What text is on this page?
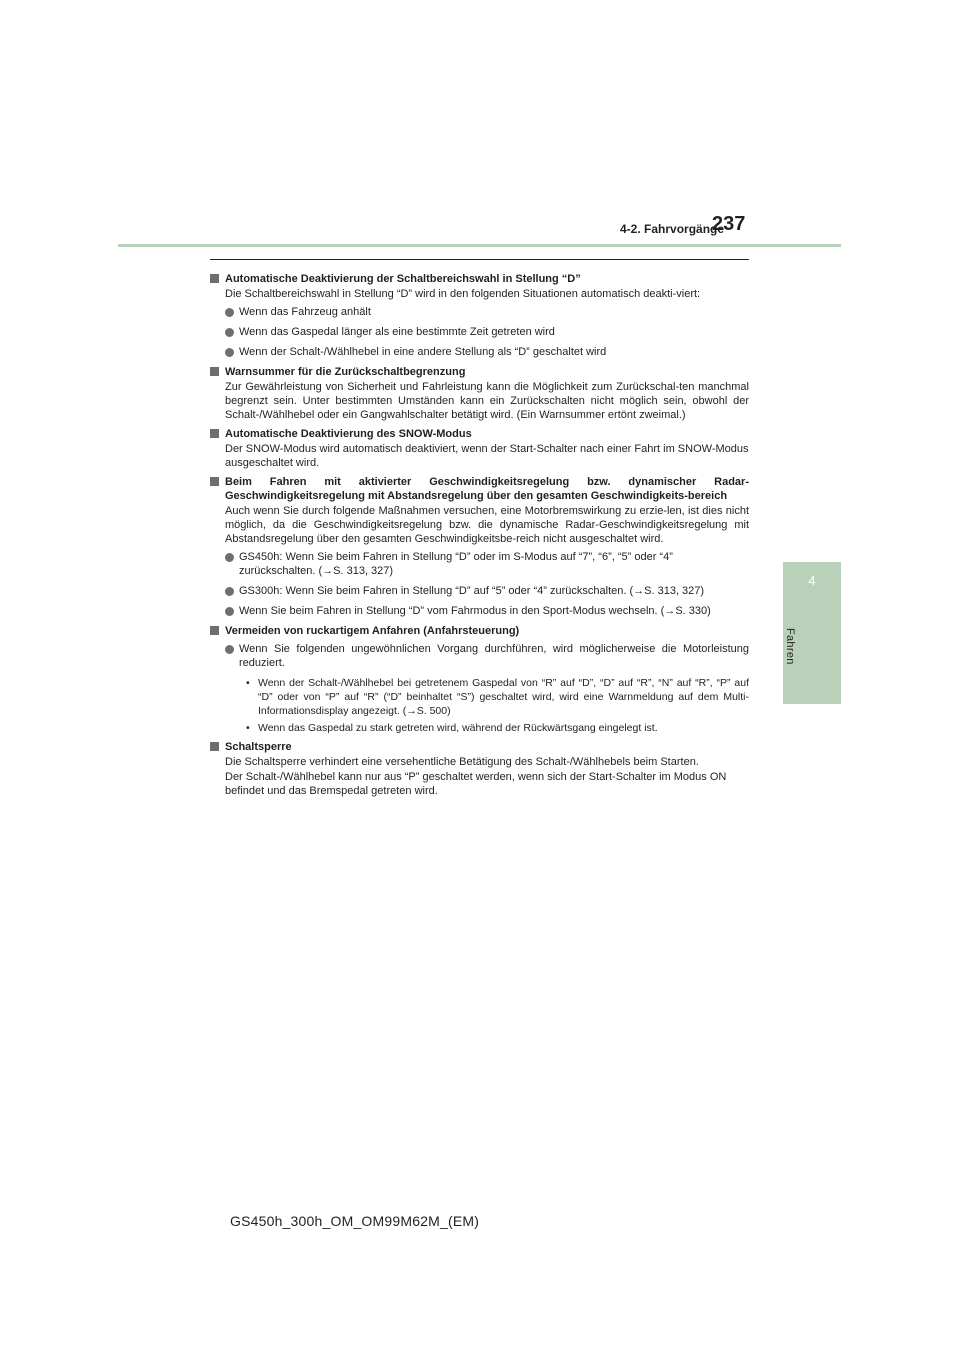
4-2. Fahrvorgänge
237
4
Fahren
Automatische Deaktivierung der Schaltbereichswahl in Stellung “D”
Die Schaltbereichswahl in Stellung “D” wird in den folgenden Situationen automatisch deakti-viert:
Wenn das Fahrzeug anhält
Wenn das Gaspedal länger als eine bestimmte Zeit getreten wird
Wenn der Schalt-/Wählhebel in eine andere Stellung als “D” geschaltet wird
Warnsummer für die Zurückschaltbegrenzung
Zur Gewährleistung von Sicherheit und Fahrleistung kann die Möglichkeit zum Zurückschal-ten manchmal begrenzt sein. Unter bestimmten Umständen kann ein Zurückschalten nicht möglich sein, obwohl der Schalt-/Wählhebel oder ein Gangwahlschalter betätigt wird. (Ein Warnsummer ertönt zweimal.)
Automatische Deaktivierung des SNOW-Modus
Der SNOW-Modus wird automatisch deaktiviert, wenn der Start-Schalter nach einer Fahrt im SNOW-Modus ausgeschaltet wird.
Beim Fahren mit aktivierter Geschwindigkeitsregelung bzw. dynamischer Radar-Geschwindigkeitsregelung mit Abstandsregelung über den gesamten Geschwindigkeits-bereich
Auch wenn Sie durch folgende Maßnahmen versuchen, eine Motorbremswirkung zu erzie-len, ist dies nicht möglich, da die Geschwindigkeitsregelung bzw. die dynamische Radar-Geschwindigkeitsregelung mit Abstandsregelung über den gesamten Geschwindigkeitsbe-reich nicht ausgeschaltet wird.
GS450h: Wenn Sie beim Fahren in Stellung “D” oder im S-Modus auf “7”, “6”, “5” oder “4” zurückschalten. (→S. 313, 327)
GS300h: Wenn Sie beim Fahren in Stellung “D” auf “5” oder “4” zurückschalten. (→S. 313, 327)
Wenn Sie beim Fahren in Stellung “D” vom Fahrmodus in den Sport-Modus wechseln. (→S. 330)
Vermeiden von ruckartigem Anfahren (Anfahrsteuerung)
Wenn Sie folgenden ungewöhnlichen Vorgang durchführen, wird möglicherweise die Motorleistung reduziert.
• Wenn der Schalt-/Wählhebel bei getretenem Gaspedal von “R” auf “D”, “D” auf “R”, “N” auf “R”, “P” auf “D” oder von “P” auf “R” (“D” beinhaltet “S”) geschaltet wird, wird eine Warnmeldung auf dem Multi-Informationsdisplay angezeigt. (→S. 500)
• Wenn das Gaspedal zu stark getreten wird, während der Rückwärtsgang eingelegt ist.
Schaltsperre
Die Schaltsperre verhindert eine versehentliche Betätigung des Schalt-/Wählhebels beim Starten.
Der Schalt-/Wählhebel kann nur aus “P” geschaltet werden, wenn sich der Start-Schalter im Modus ON befindet und das Bremspedal getreten wird.
GS450h_300h_OM_OM99M62M_(EM)
